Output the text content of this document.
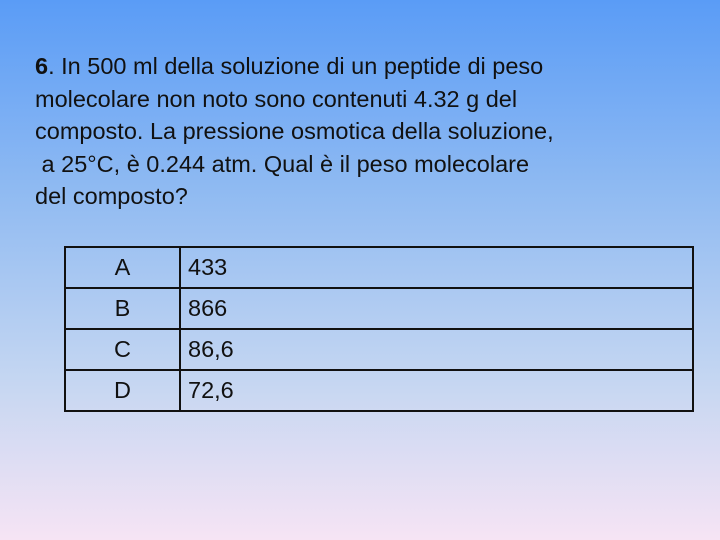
6. In 500 ml della soluzione di un peptide di peso
molecolare non noto sono contenuti 4.32 g del
composto. La pressione osmotica della soluzione,
a 25°C, è 0.244 atm. Qual è il peso molecolare
del composto?
A	433
B	866
C	86,6
D	72,6
